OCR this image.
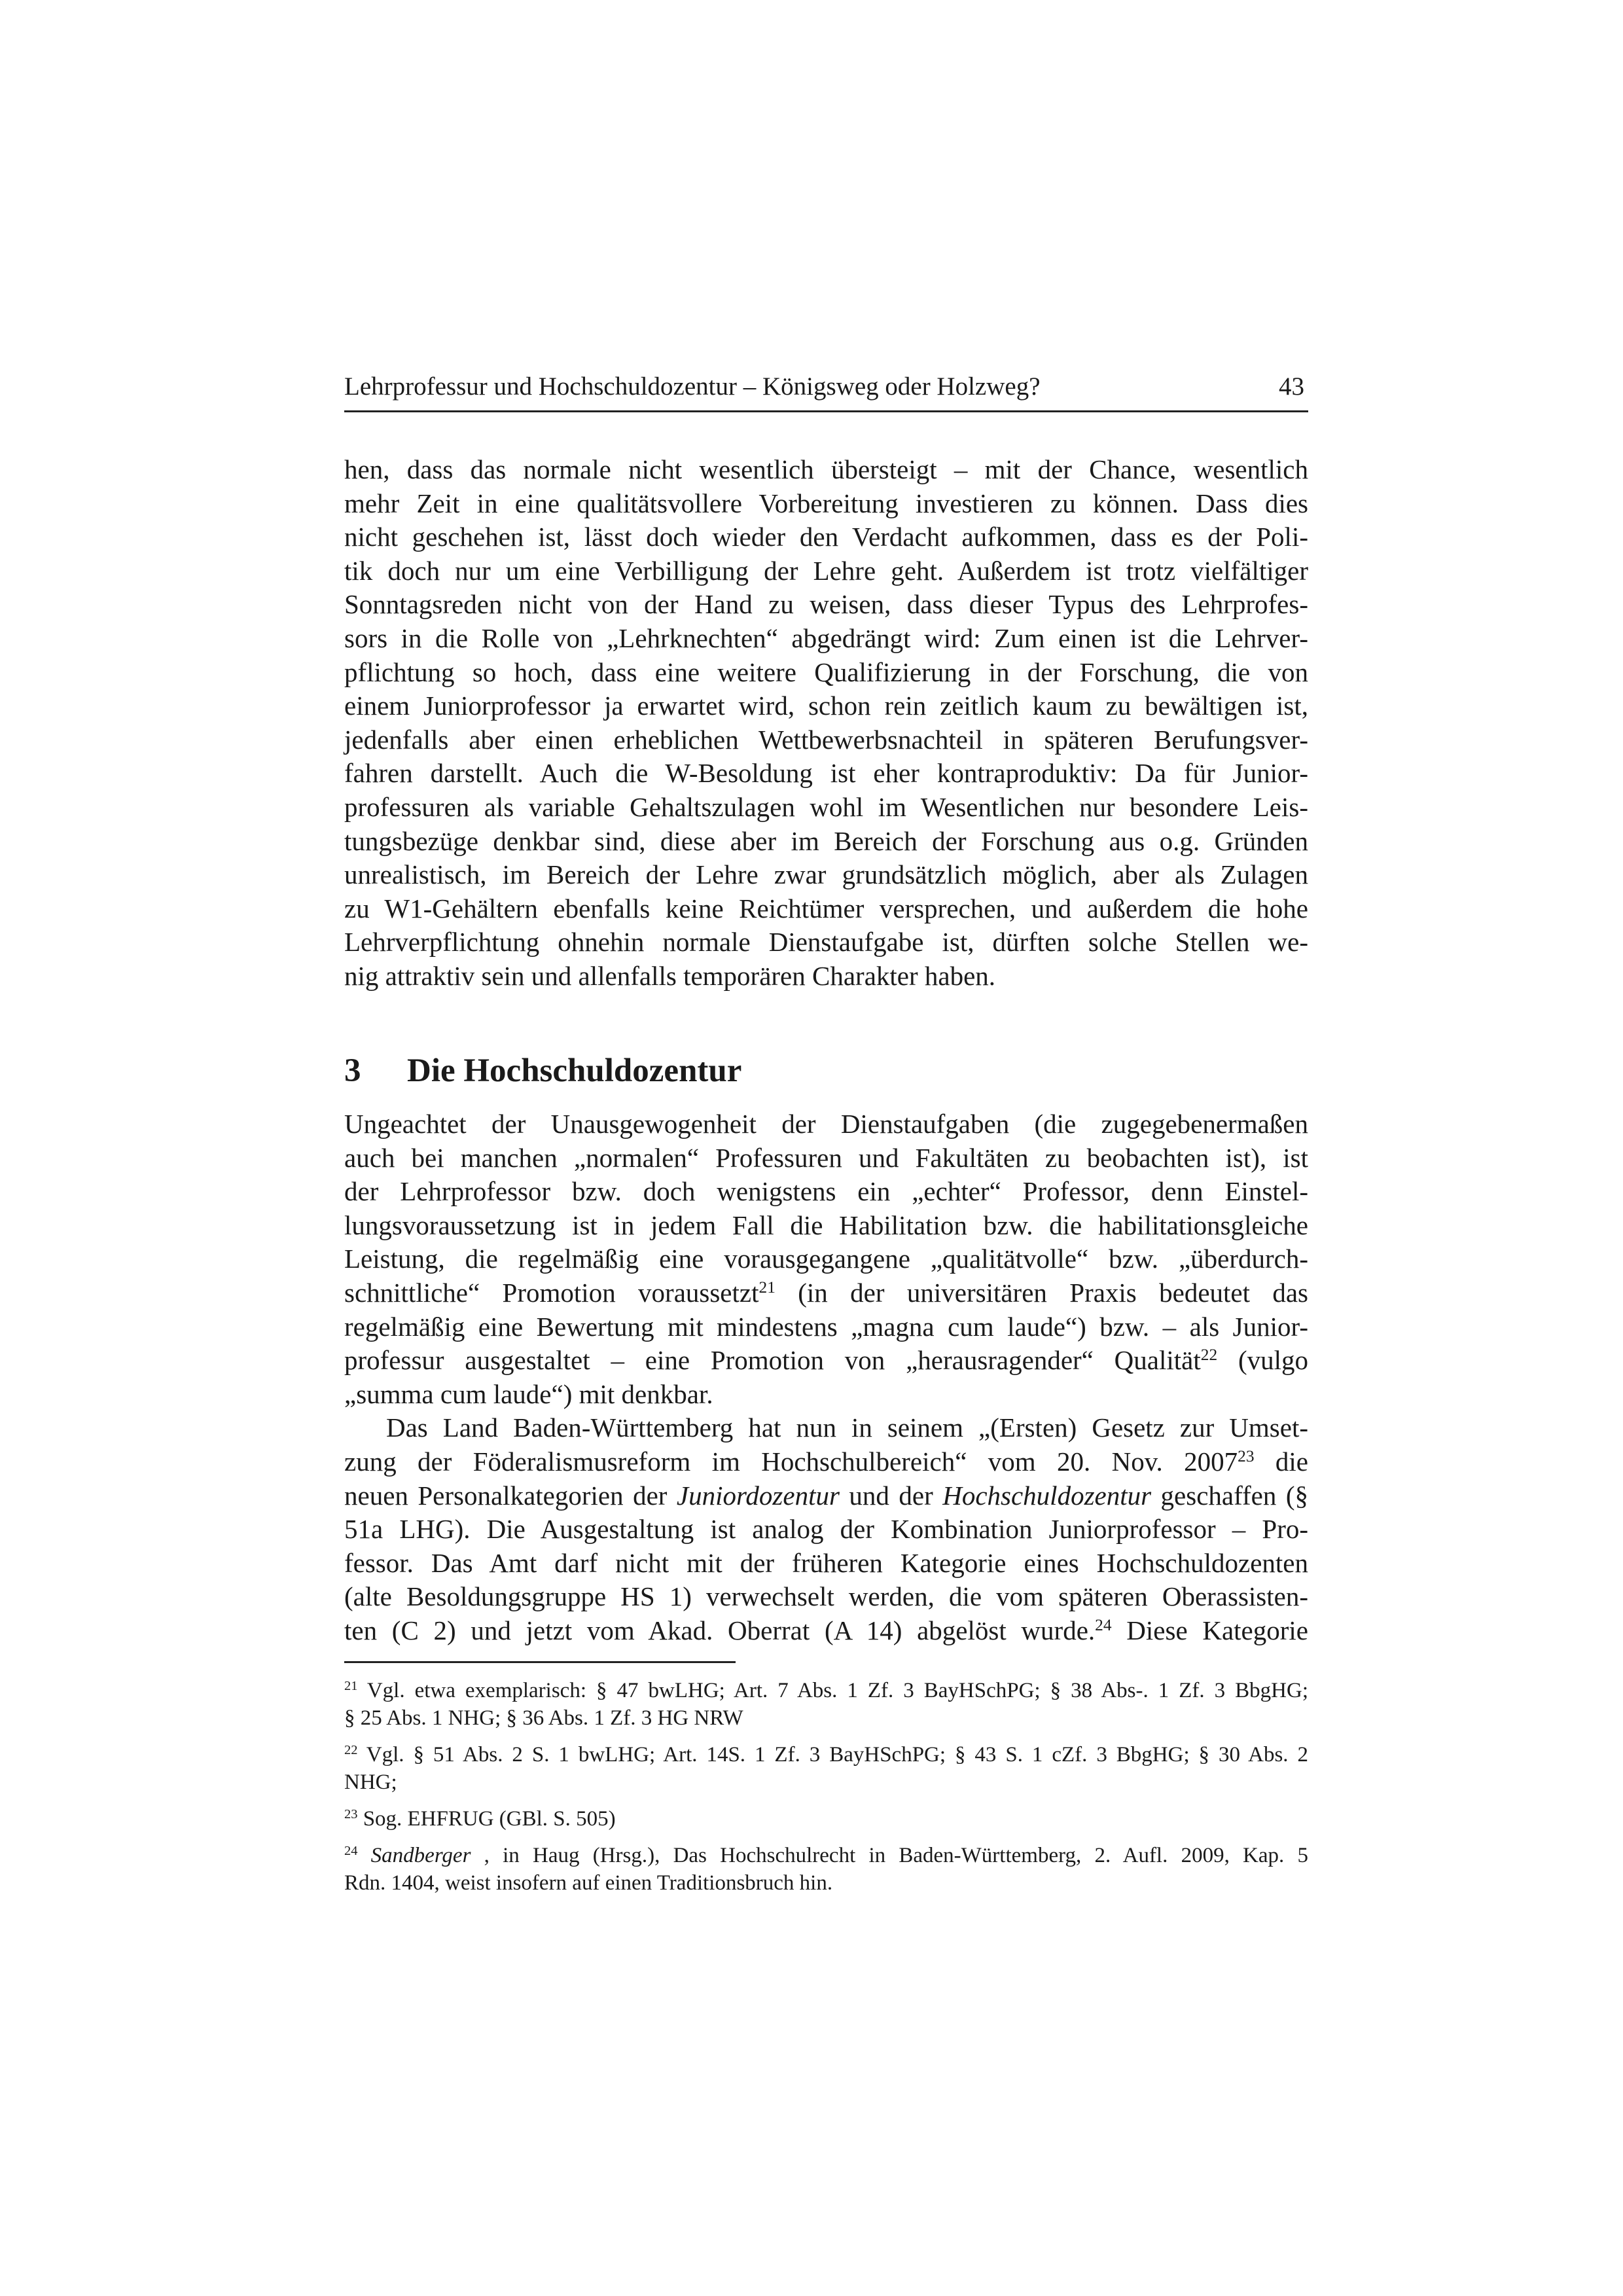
Lehrprofessur und Hochschuldozentur – Königsweg oder Holzweg?	43
hen, dass das normale nicht wesentlich übersteigt – mit der Chance, wesentlich
mehr Zeit in eine qualitätsvollere Vorbereitung investieren zu können. Dass dies
nicht geschehen ist, lässt doch wieder den Verdacht aufkommen, dass es der Poli-
tik doch nur um eine Verbilligung der Lehre geht. Außerdem ist trotz vielfältiger
Sonntagsreden nicht von der Hand zu weisen, dass dieser Typus des Lehrprofes-
sors in die Rolle von „Lehrknechten“ abgedrängt wird: Zum einen ist die Lehrver-
pflichtung so hoch, dass eine weitere Qualifizierung in der Forschung, die von
einem Juniorprofessor ja erwartet wird, schon rein zeitlich kaum zu bewältigen ist,
jedenfalls aber einen erheblichen Wettbewerbsnachteil in späteren Berufungsver-
fahren darstellt. Auch die W-Besoldung ist eher kontraproduktiv: Da für Junior-
professuren als variable Gehaltszulagen wohl im Wesentlichen nur besondere Leis-
tungsbezüge denkbar sind, diese aber im Bereich der Forschung aus o.g. Gründen
unrealistisch, im Bereich der Lehre zwar grundsätzlich möglich, aber als Zulagen
zu W1-Gehältern ebenfalls keine Reichtümer versprechen, und außerdem die hohe
Lehrverpflichtung ohnehin normale Dienstaufgabe ist, dürften solche Stellen we-
nig attraktiv sein und allenfalls temporären Charakter haben.
3 Die Hochschuldozentur
Ungeachtet der Unausgewogenheit der Dienstaufgaben (die zugegebenermaßen
auch bei manchen „normalen“ Professuren und Fakultäten zu beobachten ist), ist
der Lehrprofessor bzw. doch wenigstens ein „echter“ Professor, denn Einstel-
lungsvoraussetzung ist in jedem Fall die Habilitation bzw. die habilitationsgleiche
Leistung, die regelmäßig eine vorausgegangene „qualitätvolle“ bzw. „überdurch-
schnittliche“ Promotion voraussetzt$^{21}$ (in der universitären Praxis bedeutet das
regelmäßig eine Bewertung mit mindestens „magna cum laude“) bzw. – als Junior-
professur ausgestaltet – eine Promotion von „herausragender“ Qualität$^{22}$ (vulgo
„summa cum laude“) mit denkbar.
Das Land Baden-Württemberg hat nun in seinem „(Ersten) Gesetz zur Umset-
zung der Föderalismusreform im Hochschulbereich“ vom 20. Nov. 2007$^{23}$ die
neuen Personalkategorien der Juniordozentur und der Hochschuldozentur geschaffen (§
51a LHG). Die Ausgestaltung ist analog der Kombination Juniorprofessor – Pro-
fessor. Das Amt darf nicht mit der früheren Kategorie eines Hochschuldozenten
(alte Besoldungsgruppe HS 1) verwechselt werden, die vom späteren Oberassisten-
ten (C 2) und jetzt vom Akad. Oberrat (A 14) abgelöst wurde.$^{24}$ Diese Kategorie
$^{21}$ Vgl. etwa exemplarisch: § 47 bwLHG; Art. 7 Abs. 1 Zf. 3 BayHSchPG; § 38 Abs-. 1 Zf. 3 BbgHG;
§ 25 Abs. 1 NHG; § 36 Abs. 1 Zf. 3 HG NRW
$^{22}$ Vgl. § 51 Abs. 2 S. 1 bwLHG; Art. 14S. 1 Zf. 3 BayHSchPG; § 43 S. 1 cZf. 3 BbgHG; § 30 Abs. 2
NHG;
$^{23}$ Sog. EHFRUG (GBl. S. 505)
$^{24}$ Sandberger , in Haug (Hrsg.), Das Hochschulrecht in Baden-Württemberg, 2. Aufl. 2009, Kap. 5
Rdn. 1404, weist insofern auf einen Traditionsbruch hin.
